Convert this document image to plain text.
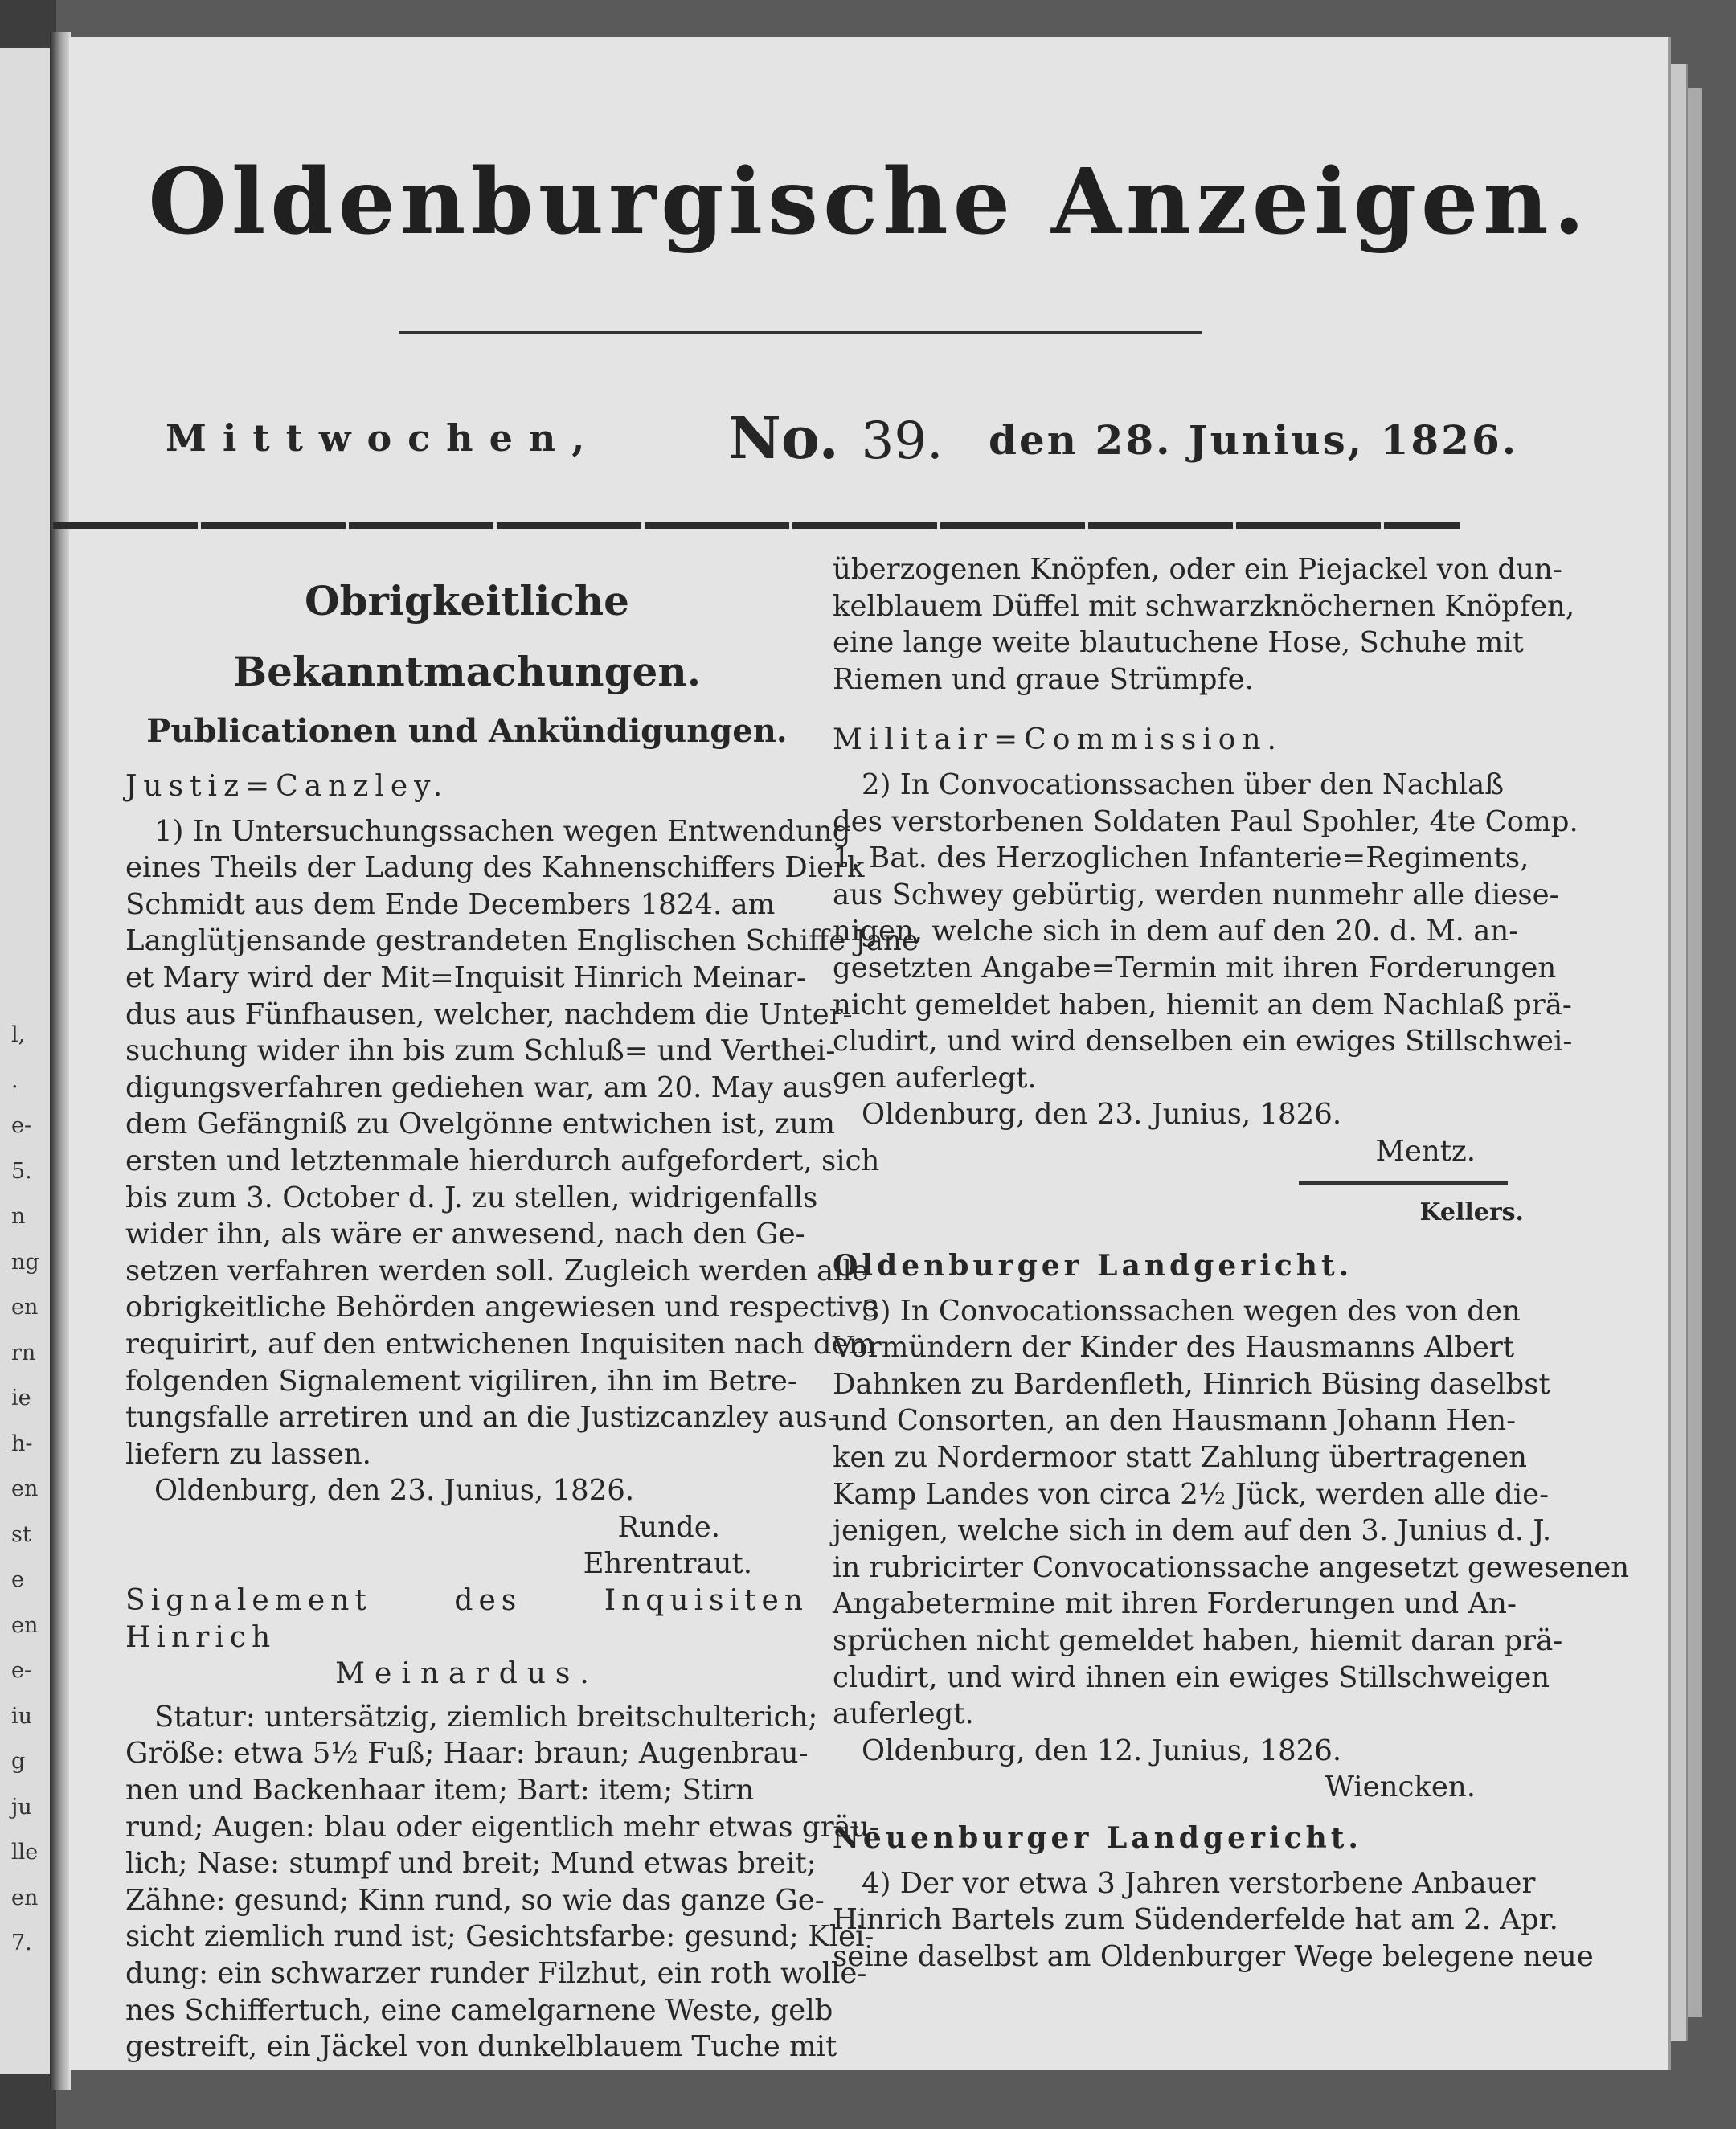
l,
.
e-
5.
n
ng
en
rn
ie
h-
en
st
e
en
e-
iu
g
ju
lle
en
7.
Oldenburgische Anzeigen.
Mittwochen, No. 39. den 28. Junius, 1826.
Obrigkeitliche Bekanntmachungen.
Publicationen und Ankündigungen.
Justiz=Canzley.
1) In Untersuchungssachen wegen Entwendung
eines Theils der Ladung des Kahnenschiffers Dierk
Schmidt aus dem Ende Decembers 1824. am
Langlütjensande gestrandeten Englischen Schiffe Jane
et Mary wird der Mit=Inquisit Hinrich Meinar-
dus aus Fünfhausen, welcher, nachdem die Unter-
suchung wider ihn bis zum Schluß= und Verthei-
digungsverfahren gediehen war, am 20. May aus
dem Gefängniß zu Ovelgönne entwichen ist, zum
ersten und letztenmale hierdurch aufgefordert, sich
bis zum 3. October d. J. zu stellen, widrigenfalls
wider ihn, als wäre er anwesend, nach den Ge-
setzen verfahren werden soll. Zugleich werden alle
obrigkeitliche Behörden angewiesen und respective
requirirt, auf den entwichenen Inquisiten nach dem
folgenden Signalement vigiliren, ihn im Betre-
tungsfalle arretiren und an die Justizcanzley aus-
liefern zu lassen.

Oldenburg, den 23. Junius, 1826.

Runde.

Ehrentraut.

Signalement des Inquisiten Hinrich

Meinardus.

Statur: untersätzig, ziemlich breitschulterich;
Größe: etwa 5½ Fuß; Haar: braun; Augenbrau-
nen und Backenhaar item; Bart: item; Stirn
rund; Augen: blau oder eigentlich mehr etwas gräu-
lich; Nase: stumpf und breit; Mund etwas breit;
Zähne: gesund; Kinn rund, so wie das ganze Ge-
sicht ziemlich rund ist; Gesichtsfarbe: gesund; Klei-
dung: ein schwarzer runder Filzhut, ein roth wolle-
nes Schiffertuch, eine camelgarnene Weste, gelb
gestreift, ein Jäckel von dunkelblauem Tuche mit
überzogenen Knöpfen, oder ein Piejackel von dun-
kelblauem Düffel mit schwarzknöchernen Knöpfen,
eine lange weite blautuchene Hose, Schuhe mit
Riemen und graue Strümpfe.
Militair=Commission.
2) In Convocationssachen über den Nachlaß
des verstorbenen Soldaten Paul Spohler, 4te Comp.
1. Bat. des Herzoglichen Infanterie=Regiments,
aus Schwey gebürtig, werden nunmehr alle diese-
nigen, welche sich in dem auf den 20. d. M. an-
gesetzten Angabe=Termin mit ihren Forderungen
nicht gemeldet haben, hiemit an dem Nachlaß prä-
cludirt, und wird denselben ein ewiges Stillschwei-
gen auferlegt.

Oldenburg, den 23. Junius, 1826.

Mentz.

Kellers.

Oldenburger Landgericht.
3) In Convocationssachen wegen des von den
Vormündern der Kinder des Hausmanns Albert
Dahnken zu Bardenfleth, Hinrich Büsing daselbst
und Consorten, an den Hausmann Johann Hen-
ken zu Nordermoor statt Zahlung übertragenen
Kamp Landes von circa 2½ Jück, werden alle die-
jenigen, welche sich in dem auf den 3. Junius d. J.
in rubricirter Convocationssache angesetzt gewesenen
Angabetermine mit ihren Forderungen und An-
sprüchen nicht gemeldet haben, hiemit daran prä-
cludirt, und wird ihnen ein ewiges Stillschweigen
auferlegt.

Oldenburg, den 12. Junius, 1826.

Wiencken.

Neuenburger Landgericht.
4) Der vor etwa 3 Jahren verstorbene Anbauer
Hinrich Bartels zum Südenderfelde hat am 2. Apr.
seine daselbst am Oldenburger Wege belegene neue
